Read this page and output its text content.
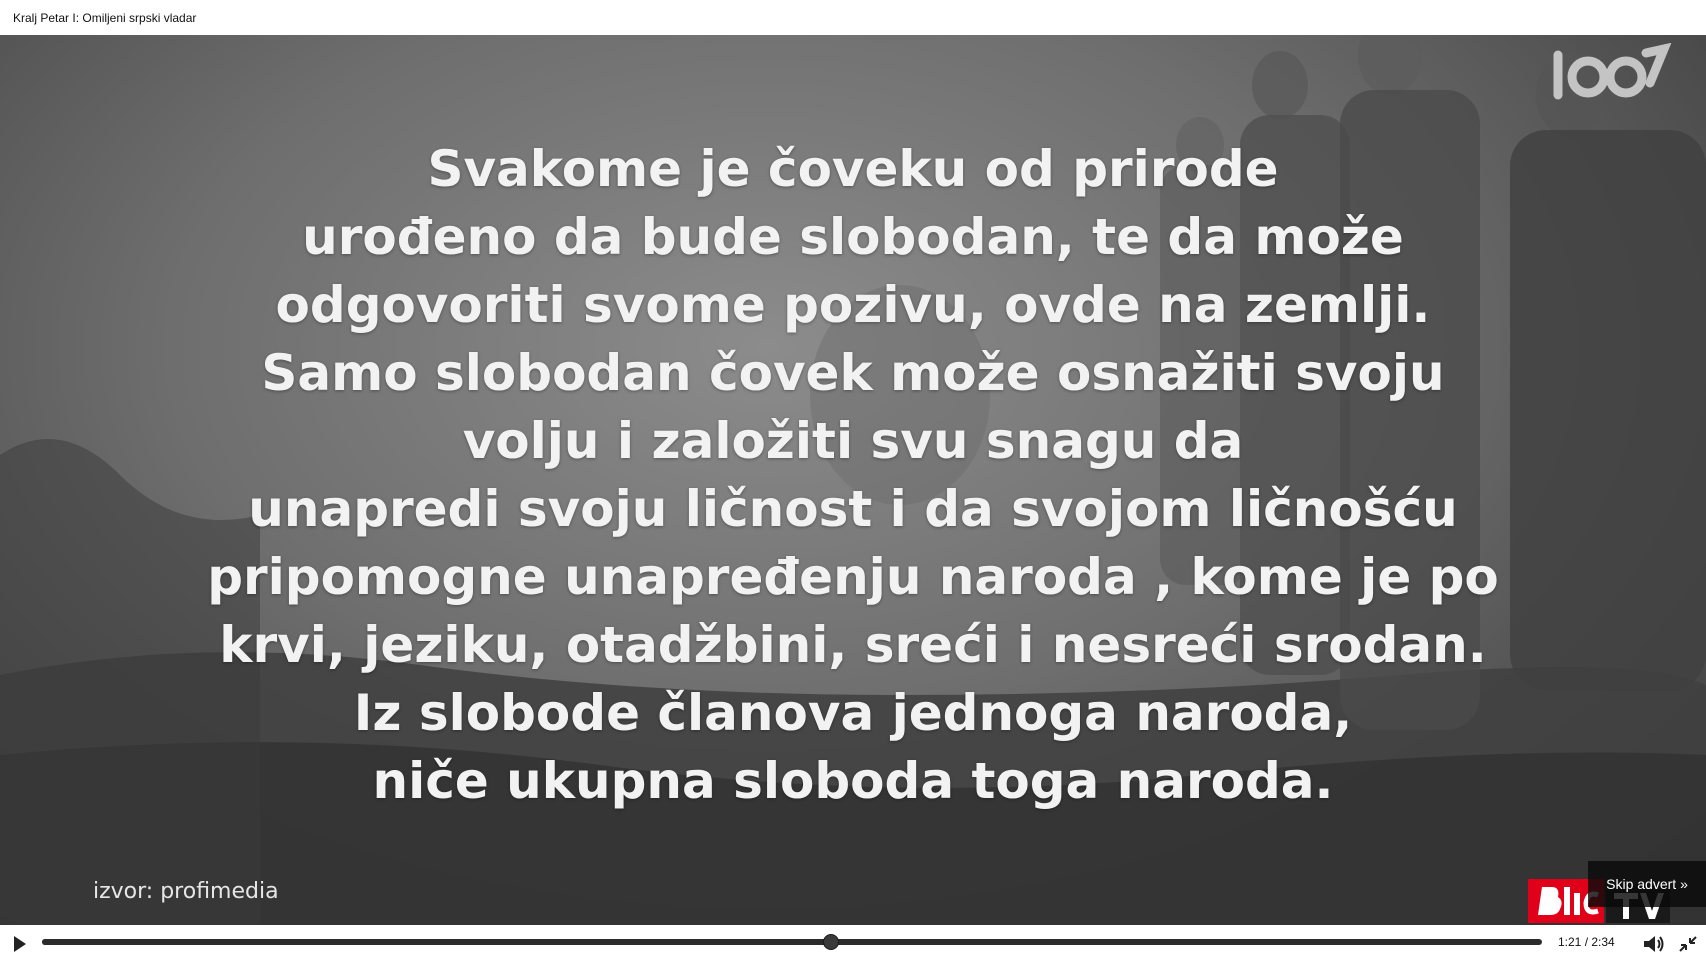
Kralj Petar I: Omiljeni srpski vladar
Svakome je čoveku od prirode
urođeno da bude slobodan, te da može
odgovoriti svome pozivu, ovde na zemlji.
Samo slobodan čovek može osnažiti svoju
volju i založiti svu snagu da
unapredi svoju ličnost i da svojom ličnošću
pripomogne unapređenju naroda , kome je po
krvi, jeziku, otadžbini, sreći i nesreći srodan.
Iz slobode članova jednoga naroda,
niče ukupna sloboda toga naroda.
izvor: profimedia	Skip advert »
1:21 / 2:34
